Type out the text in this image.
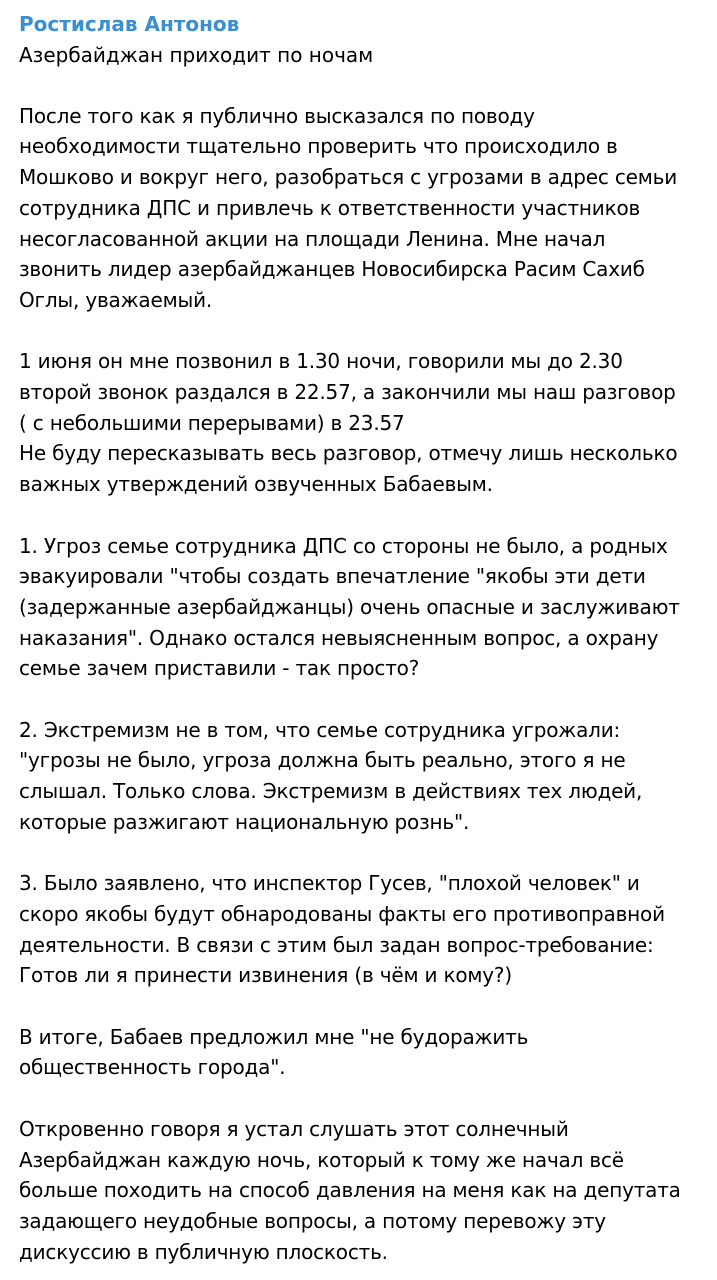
Ростислав Антонов
Азербайджан приходит по ночам
После того как я публично высказался по поводу
необходимости тщательно проверить что происходило в
Мошково и вокруг него, разобраться с угрозами в адрес семьи
сотрудника ДПС и привлечь к ответственности участников
несогласованной акции на площади Ленина. Мне начал
звонить лидер азербайджанцев Новосибирска Расим Сахиб
Оглы, уважаемый.
1 июня он мне позвонил в 1.30 ночи, говорили мы до 2.30
второй звонок раздался в 22.57, а закончили мы наш разговор
( с небольшими перерывами) в 23.57
Не буду пересказывать весь разговор, отмечу лишь несколько
важных утверждений озвученных Бабаевым.
1. Угроз семье сотрудника ДПС со стороны не было, а родных
эвакуировали "чтобы создать впечатление "якобы эти дети
(задержанные азербайджанцы) очень опасные и заслуживают
наказания". Однако остался невыясненным вопрос, а охрану
семье зачем приставили - так просто?
2. Экстремизм не в том, что семье сотрудника угрожали:
"угрозы не было, угроза должна быть реально, этого я не
слышал. Только слова. Экстремизм в действиях тех людей,
которые разжигают национальную рознь".
3. Было заявлено, что инспектор Гусев, "плохой человек" и
скоро якобы будут обнародованы факты его противоправной
деятельности. В связи с этим был задан вопрос-требование:
Готов ли я принести извинения (в чём и кому?)
В итоге, Бабаев предложил мне "не будоражить
общественность города".
Откровенно говоря я устал слушать этот солнечный
Азербайджан каждую ночь, который к тому же начал всё
больше походить на способ давления на меня как на депутата
задающего неудобные вопросы, а потому перевожу эту
дискуссию в публичную плоскость.
